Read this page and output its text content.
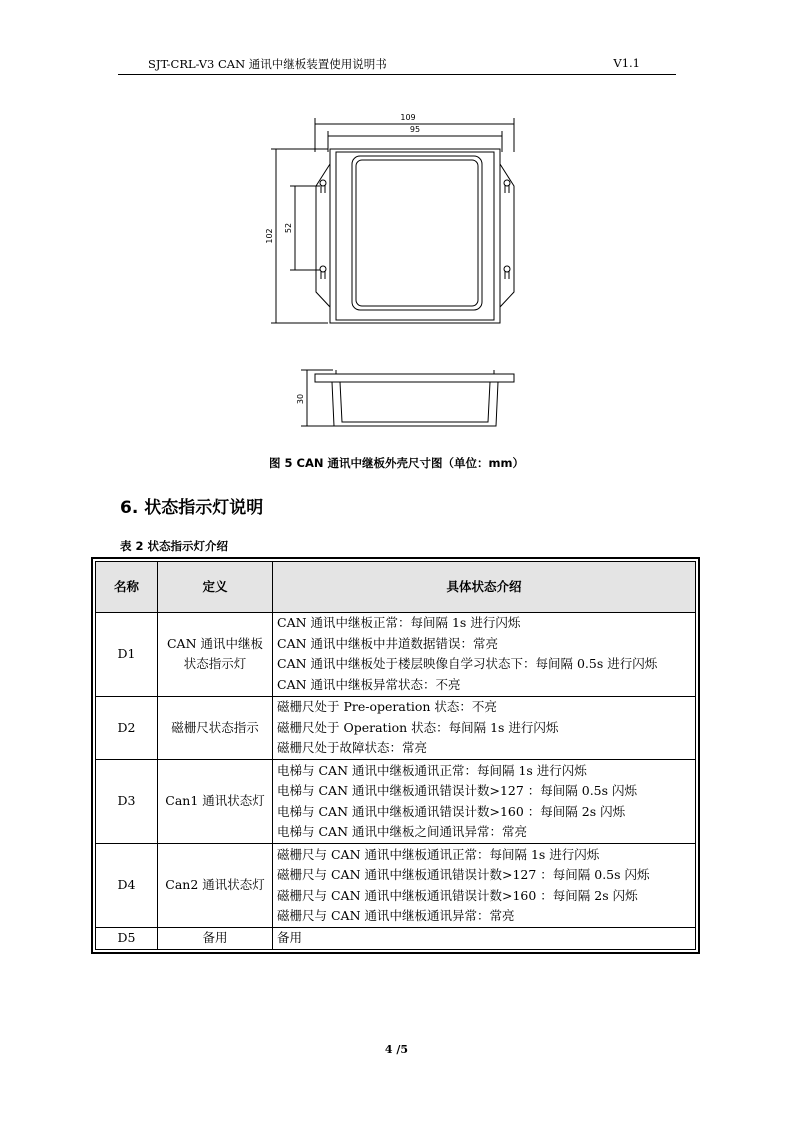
SJT-CRL-V3 CAN 通讯中继板装置使用说明书	V1.1
109
95
102
52
30
图 5 CAN 通讯中继板外壳尺寸图（单位：mm）
6. 状态指示灯说明
表 2 状态指示灯介绍
名称	定义	具体状态介绍
D1	CAN 通讯中继板状态指示灯	CAN 通讯中继板正常：每间隔 1s 进行闪烁
CAN 通讯中继板中井道数据错误：常亮
CAN 通讯中继板处于楼层映像自学习状态下：每间隔 0.5s 进行闪烁
CAN 通讯中继板异常状态：不亮

D2	磁栅尺状态指示	磁栅尺处于 Pre-operation 状态：不亮
磁栅尺处于 Operation 状态：每间隔 1s 进行闪烁
磁栅尺处于故障状态：常亮

D3	Can1 通讯状态灯	电梯与 CAN 通讯中继板通讯正常：每间隔 1s 进行闪烁
电梯与 CAN 通讯中继板通讯错误计数>127 ：每间隔 0.5s 闪烁
电梯与 CAN 通讯中继板通讯错误计数>160 ：每间隔 2s 闪烁
电梯与 CAN 通讯中继板之间通讯异常：常亮

D4	Can2 通讯状态灯	磁栅尺与 CAN 通讯中继板通讯正常：每间隔 1s 进行闪烁
磁栅尺与 CAN 通讯中继板通讯错误计数>127 ：每间隔 0.5s 闪烁
磁栅尺与 CAN 通讯中继板通讯错误计数>160 ：每间隔 2s 闪烁
磁栅尺与 CAN 通讯中继板通讯异常：常亮

D5	备用	备用
4 /5
